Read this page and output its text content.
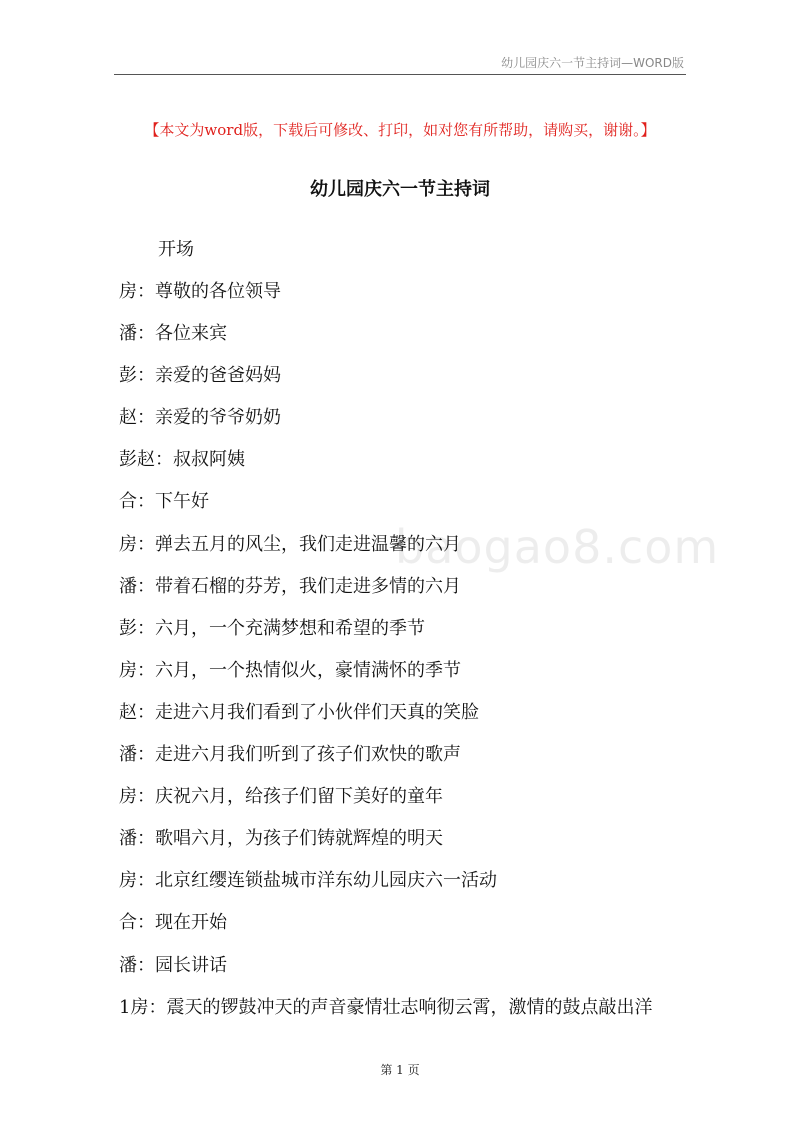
幼儿园庆六一节主持词—WORD版
【本文为word版，下载后可修改、打印，如对您有所帮助，请购买，谢谢。】
幼儿园庆六一节主持词
开场
房：尊敬的各位领导
潘：各位来宾
彭：亲爱的爸爸妈妈
赵：亲爱的爷爷奶奶
彭赵：叔叔阿姨
合：下午好
房：弹去五月的风尘，我们走进温馨的六月
潘：带着石榴的芬芳，我们走进多情的六月
彭：六月，一个充满梦想和希望的季节
房：六月，一个热情似火，豪情满怀的季节
赵：走进六月我们看到了小伙伴们天真的笑脸
潘：走进六月我们听到了孩子们欢快的歌声
房：庆祝六月，给孩子们留下美好的童年
潘：歌唱六月，为孩子们铸就辉煌的明天
房：北京红缨连锁盐城市洋东幼儿园庆六一活动
合：现在开始
潘：园长讲话
1房：震天的锣鼓冲天的声音豪情壮志响彻云霄，激情的鼓点敲出洋
baogao8.com
第 1 页
